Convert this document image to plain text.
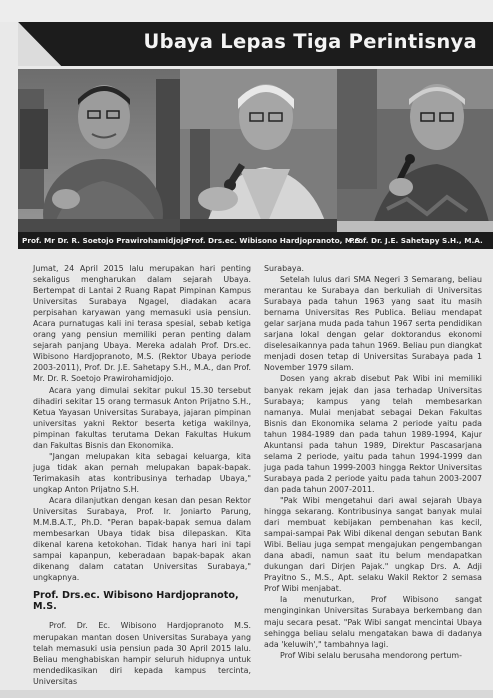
Ubaya Lepas Tiga Perintisnya
Prof. Mr Dr. R. Soetojo Prawirohamidjojo
Prof. Drs.ec. Wibisono Hardjopranoto, M.S.
Prof. Dr. J.E. Sahetapy S.H., M.A.

Jumat, 24 April 2015 lalu merupakan hari penting sekaligus mengharukan dalam sejarah Ubaya. Bertempat di Lantai 2 Ruang Rapat Pimpinan Kampus Universitas Surabaya Ngagel, diadakan acara perpisahan karyawan yang memasuki usia pensiun. Acara purnatugas kali ini terasa spesial, sebab ketiga orang yang pensiun memiliki peran penting dalam sejarah panjang Ubaya. Mereka adalah Prof. Drs.ec. Wibisono Hardjopranoto, M.S. (Rektor Ubaya periode 2003-2011), Prof. Dr. J.E. Sahetapy S.H., M.A., dan Prof. Mr. Dr. R. Soetojo Prawirohamidjojo.

Acara yang dimulai sekitar pukul 15.30 tersebut dihadiri sekitar 15 orang termasuk Anton Prijatno S.H., Ketua Yayasan Universitas Surabaya, jajaran pimpinan universitas yakni Rektor beserta ketiga wakilnya, pimpinan fakultas terutama Dekan Fakultas Hukum dan Fakultas Bisnis dan Ekonomika.

"Jangan melupakan kita sebagai keluarga, kita juga tidak akan pernah melupakan bapak-bapak. Terimakasih atas kontribusinya terhadap Ubaya," ungkap Anton Prijatno S.H.

Acara dilanjutkan dengan kesan dan pesan Rektor Universitas Surabaya, Prof. Ir. Joniarto Parung, M.M.B.A.T., Ph.D. "Peran bapak-bapak semua dalam membesarkan Ubaya tidak bisa dilepaskan. Kita dikenal karena ketokohan. Tidak hanya hari ini tapi sampai kapanpun, keberadaan bapak-bapak akan dikenang dalam catatan Universitas Surabaya," ungkapnya.

Prof. Drs.ec. Wibisono Hardjopranoto, M.S.

Prof. Dr. Ec. Wibisono Hardjopranoto M.S. merupakan mantan dosen Universitas Surabaya yang telah memasuki usia pensiun pada 30 April 2015 lalu. Beliau menghabiskan hampir seluruh hidupnya untuk mendedikasikan diri kepada kampus tercinta, Universitas

Surabaya.

Setelah lulus dari SMA Negeri 3 Semarang, beliau merantau ke Surabaya dan berkuliah di Universitas Surabaya pada tahun 1963 yang saat itu masih bernama Universitas Res Publica. Beliau mendapat gelar sarjana muda pada tahun 1967 serta pendidikan sarjana lokal dengan gelar doktorandus ekonomi diselesaikannya pada tahun 1969. Beliau pun diangkat menjadi dosen tetap di Universitas Surabaya pada 1 November 1979 silam.

Dosen yang akrab disebut Pak Wibi ini memiliki banyak rekam jejak dan jasa terhadap Universitas Surabaya; kampus yang telah membesarkan namanya. Mulai menjabat sebagai Dekan Fakultas Bisnis dan Ekonomika selama 2 periode yaitu pada tahun 1984-1989 dan pada tahun 1989-1994, Kajur Akuntansi pada tahun 1989, Direktur Pascasarjana selama 2 periode, yaitu pada tahun 1994-1999 dan juga pada tahun 1999-2003 hingga Rektor Universitas Surabaya pada 2 periode yaitu pada tahun 2003-2007 dan pada tahun 2007-2011.

"Pak Wibi mengetahui dari awal sejarah Ubaya hingga sekarang. Kontribusinya sangat banyak mulai dari membuat kebijakan pembenahan kas kecil, sampai-sampai Pak Wibi dikenal dengan sebutan Bank Wibi. Beliau juga sempat mengajukan pengembangan dana abadi, namun saat itu belum mendapatkan dukungan dari Dirjen Pajak." ungkap Drs. A. Adji Prayitno S., M.S., Apt. selaku Wakil Rektor 2 semasa Prof Wibi menjabat.

Ia menuturkan, Prof Wibisono sangat menginginkan Universitas Surabaya berkembang dan maju secara pesat. "Pak Wibi sangat mencintai Ubaya sehingga beliau selalu mengatakan bawa di dadanya ada 'keluwih'," tambahnya lagi.

Prof Wibi selalu berusaha mendorong pertum-
